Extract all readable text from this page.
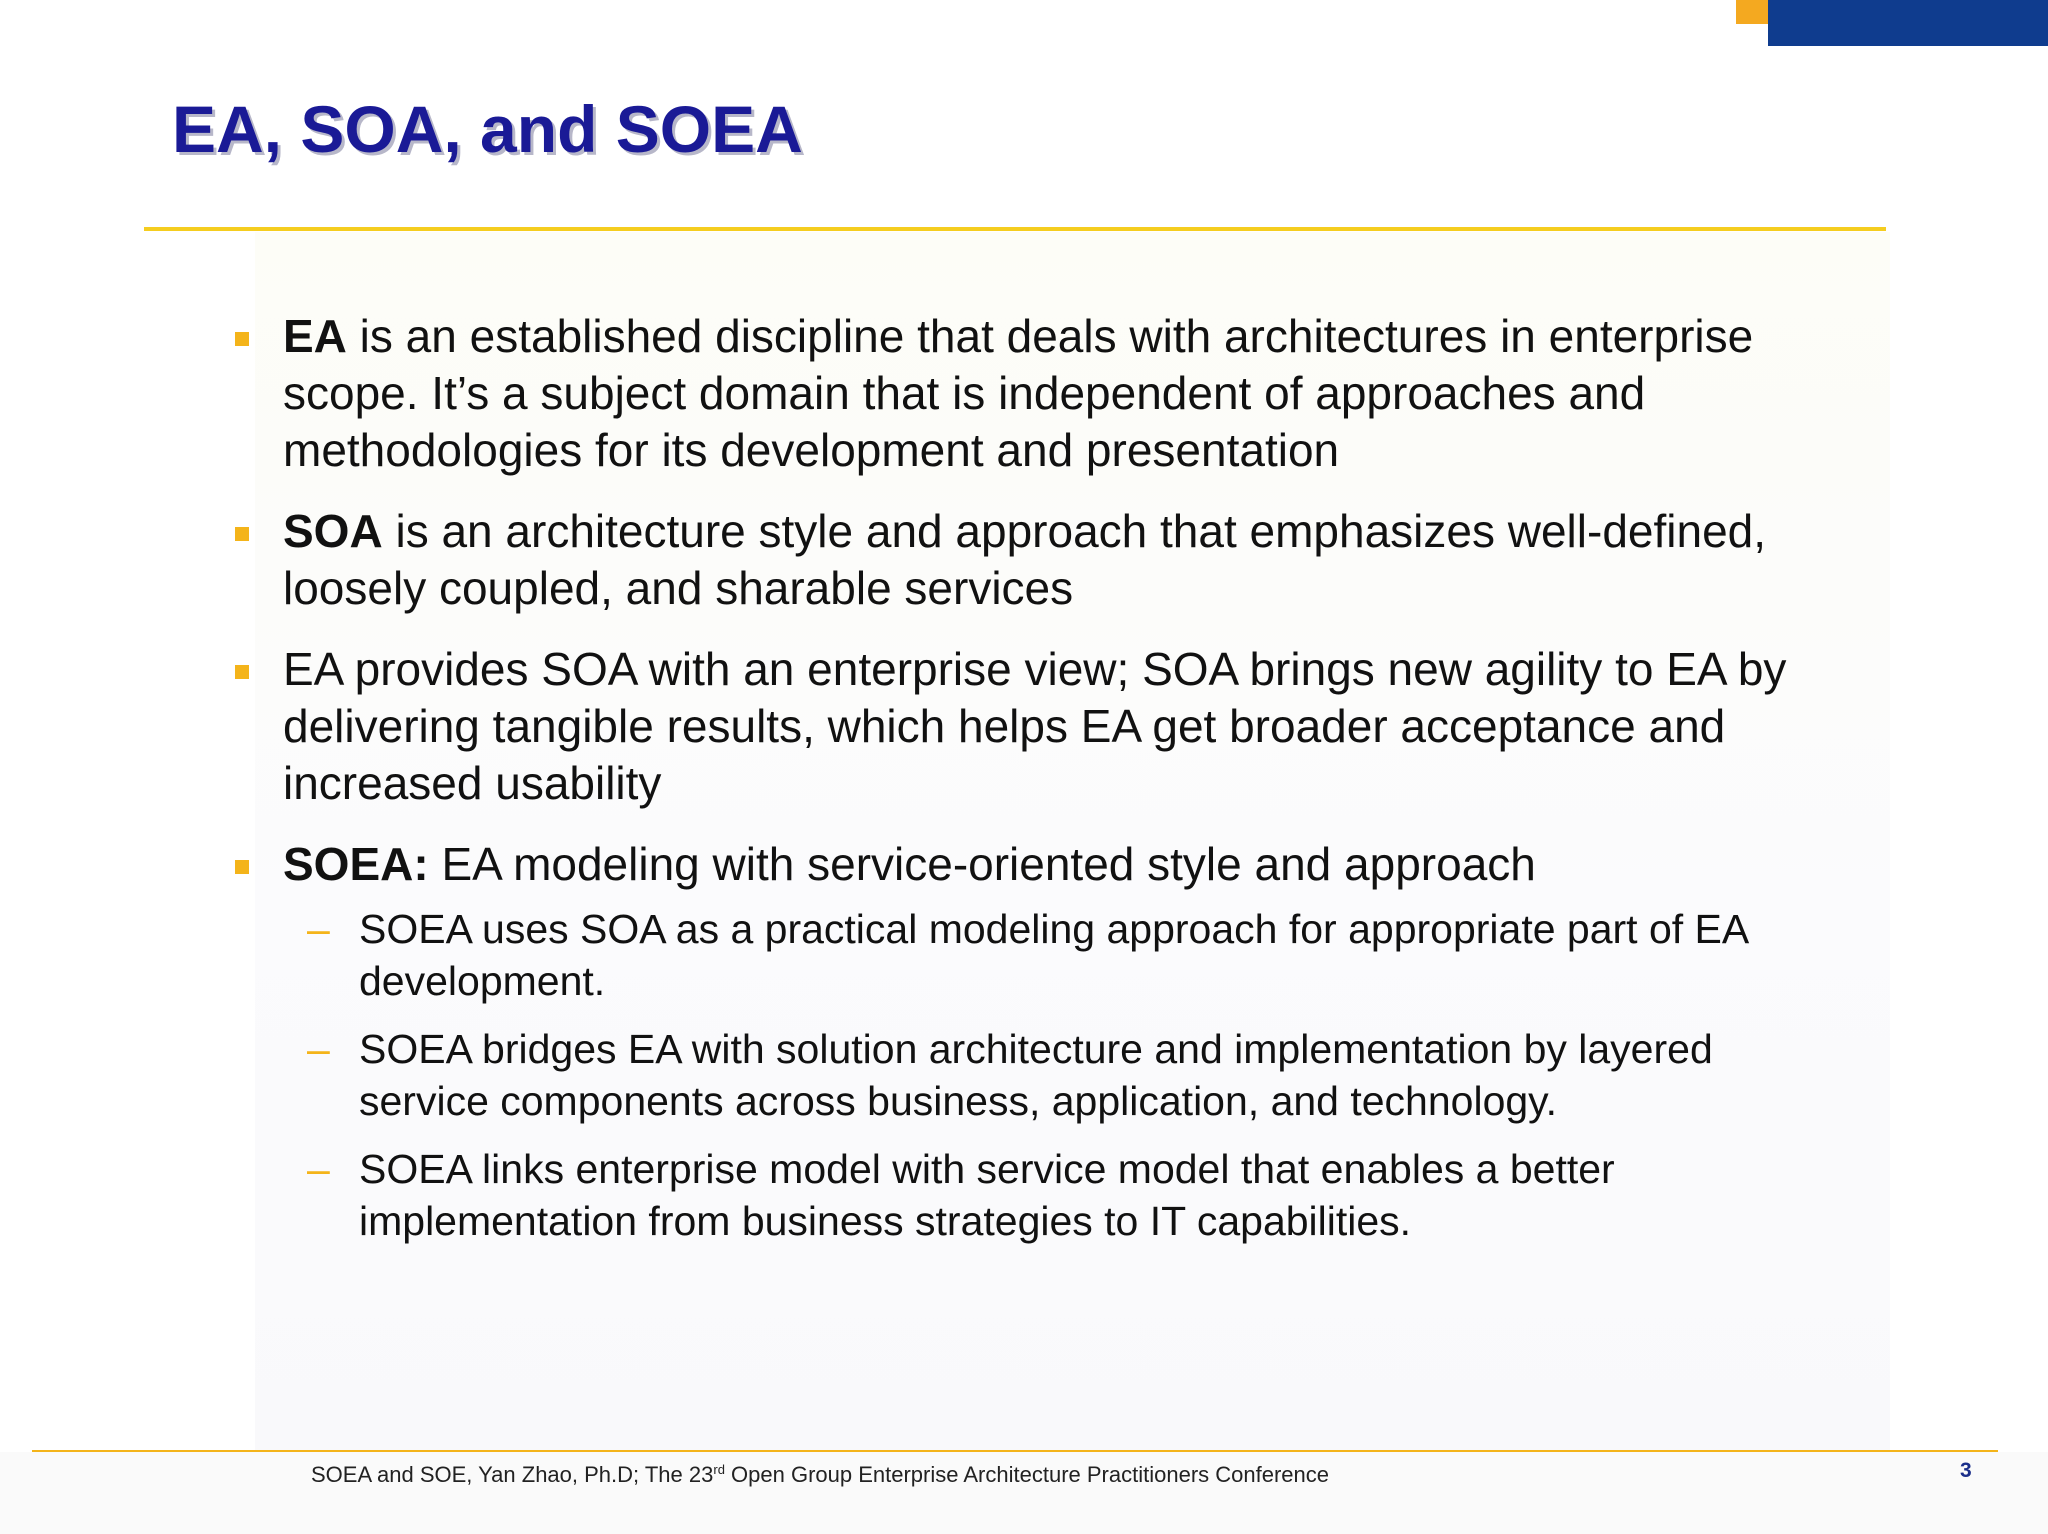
EA, SOA, and SOEA
EA is an established discipline that deals with architectures in enterprise scope. It’s a subject domain that is independent of approaches and methodologies for its development and presentation
SOA is an architecture style and approach that emphasizes well-defined, loosely coupled, and sharable services
EA provides SOA with an enterprise view; SOA brings new agility to EA by delivering tangible results, which helps EA get broader acceptance and increased usability
SOEA: EA modeling with service-oriented style and approach
– SOEA uses SOA as a practical modeling approach for appropriate part of EA development.
– SOEA bridges EA with solution architecture and implementation by layered service components across business, application, and technology.
– SOEA links enterprise model with service model that enables a better implementation from business strategies to IT capabilities.
SOEA and SOE, Yan Zhao, Ph.D; The 23rd Open Group Enterprise Architecture Practitioners Conference	3
